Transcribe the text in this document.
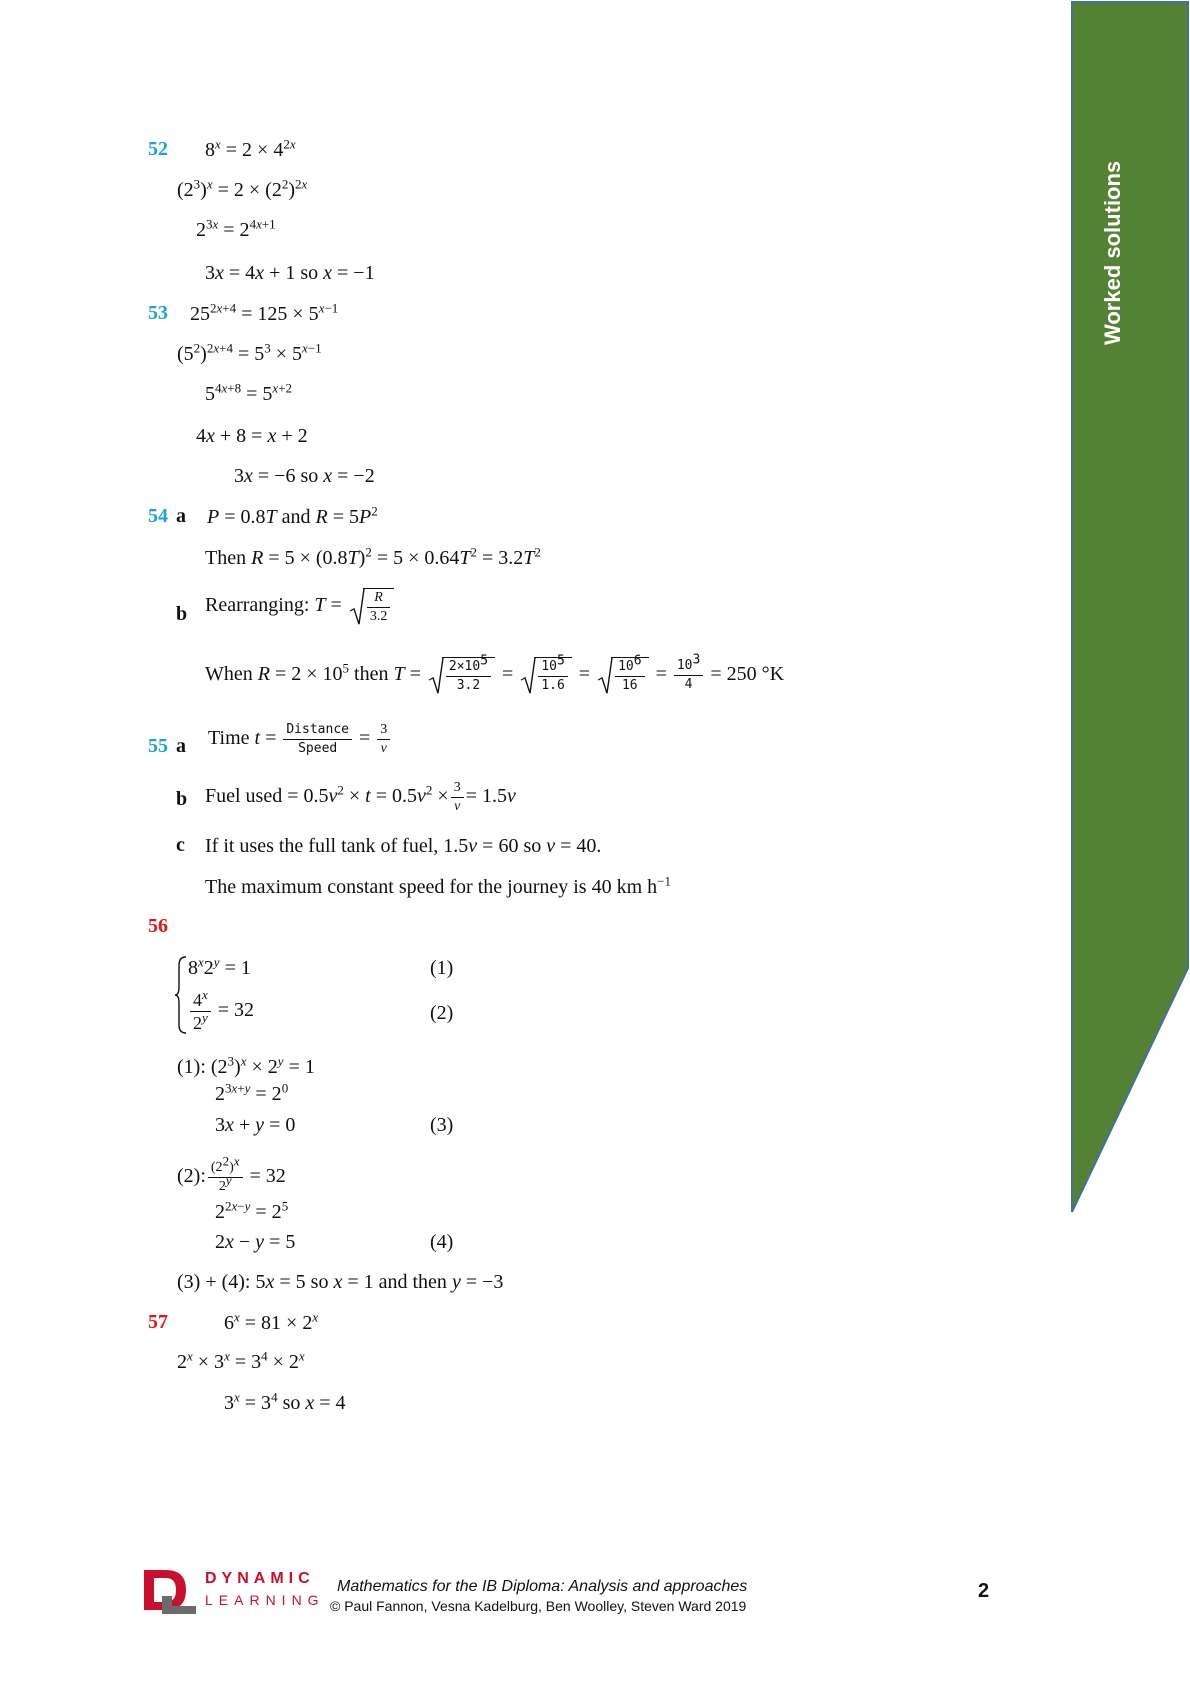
Worked solutions
52 $8^x = 2 \times 4^{2x}$
$(2^3)^x = 2 \times (2^2)^{2x}$
$2^{3x} = 2^{4x+1}$
3x = 4x + 1 so x = −1
53 $25^{2x+4} = 125 \times 5^{x-1}$
$(5^2)^{2x+4} = 5^3 \times 5^{x-1}$
$5^{4x+8} = 5^{x+2}$
4x + 8 = x + 2
3x = −6 so x = −2
54 a P = 0.8T and $R = 5P^2$
Then $R = 5 \times (0.8T)^2 = 5 \times 0.64T^2 = 3.2T^2$
b Rearranging: $T = \frac{R}{3.2}$
When $R = 2 \times 10^5$ then $T = \frac{2\times 10^5}{3.2} = \frac{10^5}{1.6} = \frac{10^6}{16} = \frac{10^3}{4} = 250$ °K
55 a Time $t = \frac{\text{Distance}}{\text{Speed}} = \frac{3}{v}$
b Fuel used = $0.5v^2 \times t = 0.5v^2 \times \frac{3}{v} = 1.5v$
c If it uses the full tank of fuel, 1.5v = 60 so v = 40.
The maximum constant speed for the journey is 40 km $h^{-1}$
56
$8^x2^y = 1$	(1)
$\frac{4^x}{2^y} = 32$	(2)
(1): $(2^3)^x \times 2^y = 1$
$2^{3x+y} = 2^0$
3x + y = 0	(3)
(2): $\frac{(2^2)^x}{2^y} = 32$
$2^{2x-y} = 2^5$
2x − y = 5	(4)
(3) + (4): 5x = 5 so x = 1 and then y = −3
57	$6^x = 81 \times 2^x$
$2^x \times 3^x = 3^4 \times 2^x$
$3^x = 3^4$ so x = 4
DYNAMIC
LEARNING
Mathematics for the IB Diploma: Analysis and approaches
© Paul Fannon, Vesna Kadelburg, Ben Woolley, Steven Ward 2019
2
